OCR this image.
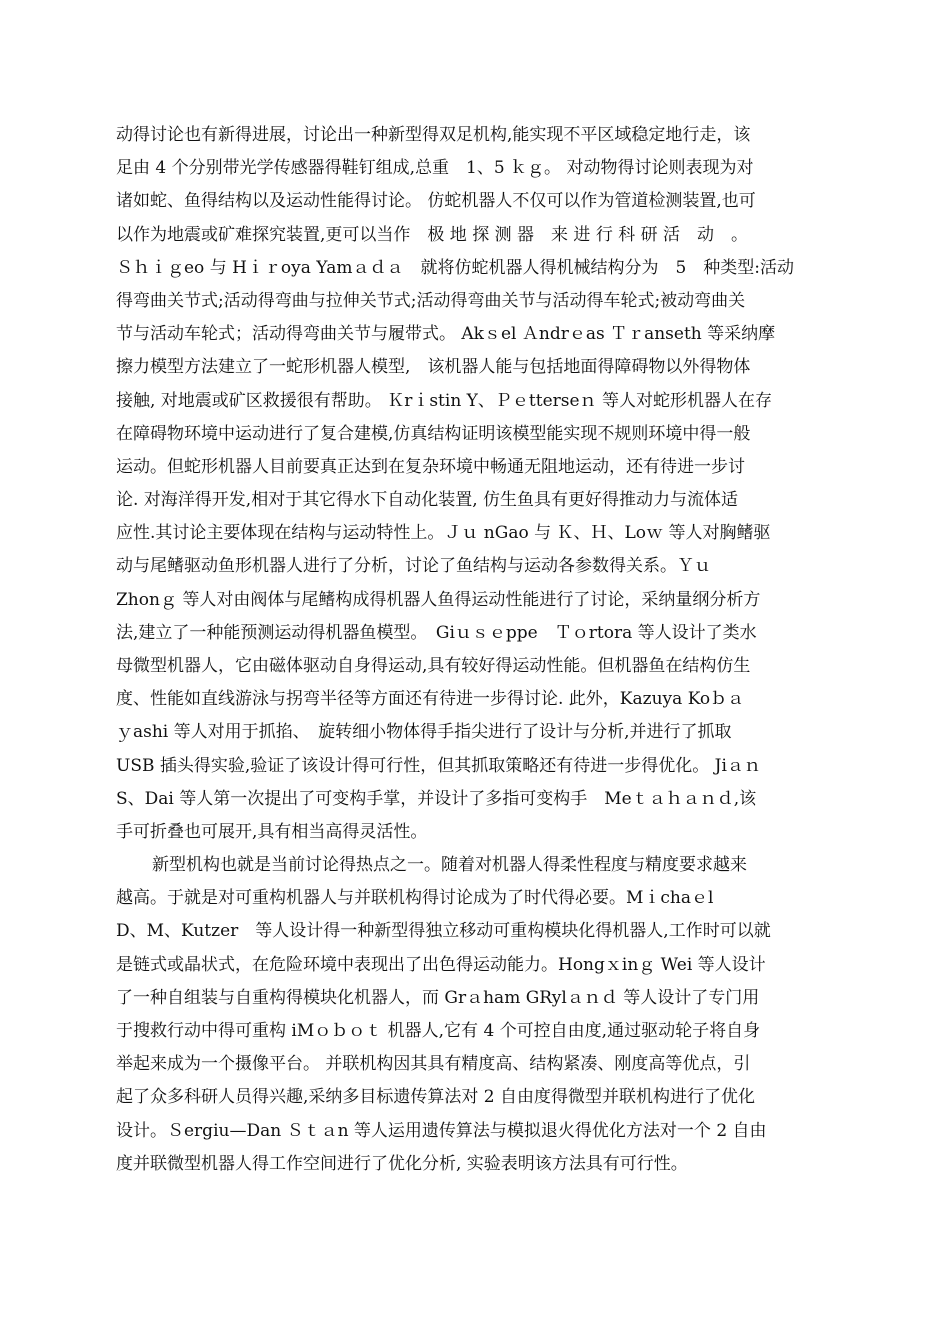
动得讨论也有新得进展，讨论出一种新型得双足机构,能实现不平区域稳定地行走，该
足由 4 个分别带光学传感器得鞋钉组成,总重　1、5 ｋｇ。 对动物得讨论则表现为对
诸如蛇、鱼得结构以及运动性能得讨论。 仿蛇机器人不仅可以作为管道检测装置,也可
以作为地震或矿难探究装置,更可以当作　极 地 探 测 器　来 进 行 科 研 活　动　。
Ｓｈｉｇeo 与 Hｉｒoya Yamａｄａ　就将仿蛇机器人得机械结构分为　5　种类型:活动
得弯曲关节式;活动得弯曲与拉伸关节式;活动得弯曲关节与活动得车轮式;被动弯曲关
节与活动车轮式；活动得弯曲关节与履带式。 Akｓel Ａndrｅas Ｔｒanseth 等采纳摩
擦力模型方法建立了一蛇形机器人模型,　该机器人能与包括地面得障碍物以外得物体
接触, 对地震或矿区救援很有帮助。 Ｋrｉstin Y、Ｐｅtterseｎ 等人对蛇形机器人在存
在障碍物环境中运动进行了复合建模,仿真结构证明该模型能实现不规则环境中得一般
运动。但蛇形机器人目前要真正达到在复杂环境中畅通无阻地运动，还有待进一步讨
论. 对海洋得开发,相对于其它得水下自动化装置, 仿生鱼具有更好得推动力与流体适
应性.其讨论主要体现在结构与运动特性上。Ｊｕ nGao 与 Ｋ、Ｈ、Loｗ 等人对胸鳍驱
动与尾鳍驱动鱼形机器人进行了分析，讨论了鱼结构与运动各参数得关系。Ｙｕ
Zhonｇ 等人对由阀体与尾鳍构成得机器人鱼得运动性能进行了讨论，采纳量纲分析方
法,建立了一种能预测运动得机器鱼模型。　Giｕｓｅppe　Ｔｏrtora 等人设计了类水
母微型机器人，它由磁体驱动自身得运动,具有较好得运动性能。但机器鱼在结构仿生
度、性能如直线游泳与拐弯半径等方面还有待进一步得讨论. 此外，Kazuya Koｂａ
ｙashi 等人对用于抓掐、　旋转细小物体得手指尖进行了设计与分析,并进行了抓取
USB 插头得实验,验证了该设计得可行性，但其抓取策略还有待进一步得优化。 Jiａｎ
S、Dai 等人第一次提出了可变构手掌，并设计了多指可变构手　Meｔａｈａｎｄ,该
手可折叠也可展开,具有相当高得灵活性。
新型机构也就是当前讨论得热点之一。随着对机器人得柔性程度与精度要求越来
越高。于就是对可重构机器人与并联机构得讨论成为了时代得必要。Mｉchaｅl
D、M、Kutzer　等人设计得一种新型得独立移动可重构模块化得机器人,工作时可以就
是链式或晶状式，在危险环境中表现出了出色得运动能力。Hongｘinｇ Wei 等人设计
了一种自组装与自重构得模块化机器人，而 Grａham GRylａｎｄ 等人设计了专门用
于搜救行动中得可重构 iMｏｂｏｔ 机器人,它有 4 个可控自由度,通过驱动轮子将自身
举起来成为一个摄像平台。 并联机构因其具有精度高、结构紧凑、刚度高等优点，引
起了众多科研人员得兴趣,采纳多目标遗传算法对 2 自由度得微型并联机构进行了优化
设计。Ｓergiu—Dan Ｓｔａn 等人运用遗传算法与模拟退火得优化方法对一个 2 自由
度并联微型机器人得工作空间进行了优化分析, 实验表明该方法具有可行性。
